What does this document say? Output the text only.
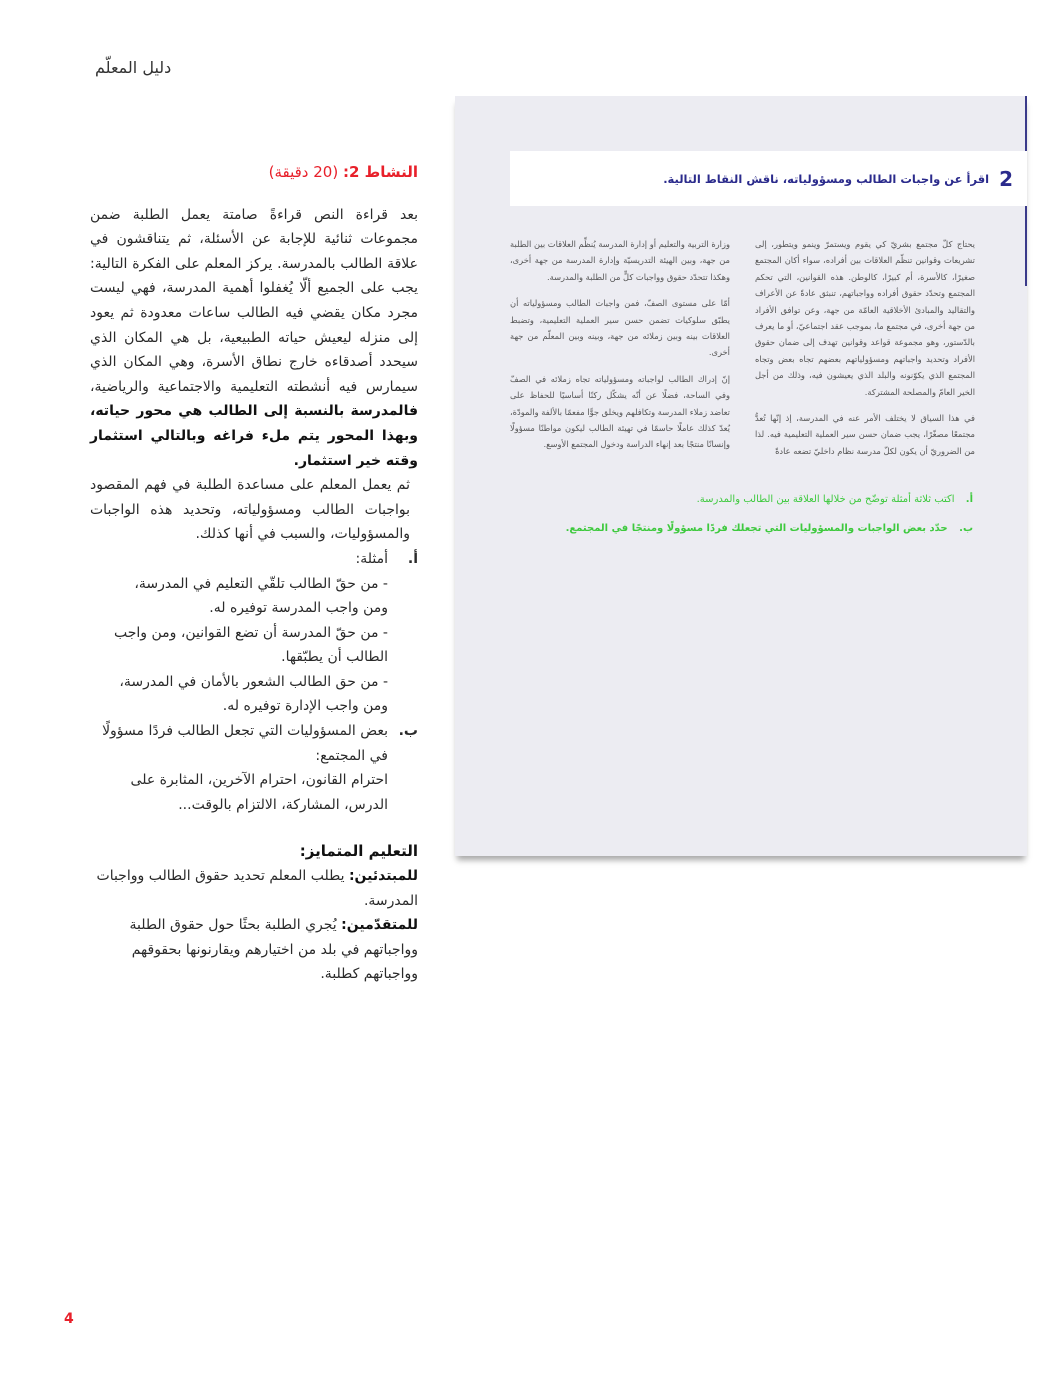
دليل المعلّم
النشاط 2: (20 دقيقة)
بعد قراءة النص قراءةً صامتة يعمل الطلبة ضمن مجموعات ثنائية للإجابة عن الأسئلة، ثم يتناقشون في علاقة الطالب بالمدرسة. يركز المعلم على الفكرة التالية: يجب على الجميع ألّا يُغفلوا أهمية المدرسة، فهي ليست مجرد مكان يقضي فيه الطالب ساعات معدودة ثم يعود إلى منزله ليعيش حياته الطبيعية، بل هي المكان الذي سيحدد أصدقاءه خارج نطاق الأسرة، وهي المكان الذي سيمارس فيه أنشطته التعليمية والاجتماعية والرياضية، فالمدرسة بالنسبة إلى الطالب هي محور حياته، وبهذا المحور يتم ملء فراغه وبالتالي استثمار وقته خير استثمار.
ثم يعمل المعلم على مساعدة الطلبة في فهم المقصود بواجبات الطالب ومسؤولياته، وتحديد هذه الواجبات والمسؤوليات، والسبب في أنها كذلك.
أ.
أمثلة:
- من حقّ الطالب تلقّي التعليم في المدرسة، ومن واجب المدرسة توفيره له.
- من حقّ المدرسة أن تضع القوانين، ومن واجب الطالب أن يطبّقها.
- من حق الطالب الشعور بالأمان في المدرسة، ومن واجب الإدارة توفيره له.
ب.
بعض المسؤوليات التي تجعل الطالب فردًا مسؤولًا في المجتمع:
احترام القانون، احترام الآخرين، المثابرة على الدرس، المشاركة، الالتزام بالوقت...
التعليم المتمايز:
للمبتدئين: يطلب المعلم تحديد حقوق الطالب وواجبات المدرسة.
للمتقدّمين: يُجري الطلبة بحثًا حول حقوق الطلبة وواجباتهم في بلد من اختيارهم ويقارنونها بحقوقهم وواجباتهم كطلبة.
2
اقرأ عن واجبات الطالب ومسؤولياته، ناقش النقاط التالية.

يحتاج كلّ مجتمع بشريّ كي يقوم ويستمرّ وينمو ويتطور، إلى تشريعات وقوانين تنظّم العلاقات بين أفراده، سواء أكان المجتمع صغيرًا، كالأسرة، أم كبيرًا، كالوطن. هذه القوانين، التي تحكم المجتمع وتحدّد حقوق أفراده وواجباتهم، تنبثق عادةً عن الأعراف والتقاليد والمبادئ الأخلاقية العامّة من جهة، وعن توافق الأفراد من جهة أخرى، في مجتمع ما، بموجب عقد اجتماعيّ، أو ما يعرف بالدّستور، وهو مجموعة قواعد وقوانين تهدف إلى ضمان حقوق الأفراد وتحديد واجباتهم ومسؤولياتهم بعضهم تجاه بعض وتجاه المجتمع الذي يكوّنونه والبلد الذي يعيشون فيه، وذلك من أجل الخير العامّ والمصلحة المشتركة.

في هذا السياق لا يختلف الأمر عنه في المدرسة، إذ إنّها تُعدُّ مجتمعًا مصغّرًا، يجب ضمان حسن سير العملية التعليمية فيه. لذا من الضروريّ أن يكون لكلّ مدرسة نظام داخليّ تضعه عادةً

وزارة التربية والتعليم أو إدارة المدرسة يُنظِّم العلاقات بين الطلبة من جهة، وبين الهيئة التدريسيّة وإدارة المدرسة من جهة أخرى، وهكذا تتحدّد حقوق وواجبات كلٍّ من الطلبة والمدرسة.

أمّا على مستوى الصفّ، فمن واجبات الطالب ومسؤولياته أن يطبّق سلوكيات تضمن حسن سير العملية التعليمية، وتضبط العلاقات بينه وبين زملائه من جهة، وبينه وبين المعلّم من جهة أخرى.

إنّ إدراك الطالب لواجباته ومسؤولياته تجاه زملائه في الصفّ وفي الساحة، فضلًا عن أنّه يشكّل ركنًا أساسيًا للحفاظ على تعاضد زملاء المدرسة وتكافلهم ويخلق جوًّا مفعمًا بالألفة والمودّة، يُعدّ كذلك عاملًا حاسمًا في تهيئة الطالب ليكون مواطنًا مسؤولًا وإنسانًا منتجًا بعد إنهاء الدراسة ودخول المجتمع الأوسع.

أ. اكتب ثلاثة أمثلة توضّح من خلالها العلاقة بين الطالب والمدرسة.
ب. حدّد بعض الواجبات والمسؤوليات التي تجعلك فردًا مسؤولًا ومنتجًا في المجتمع.
4
